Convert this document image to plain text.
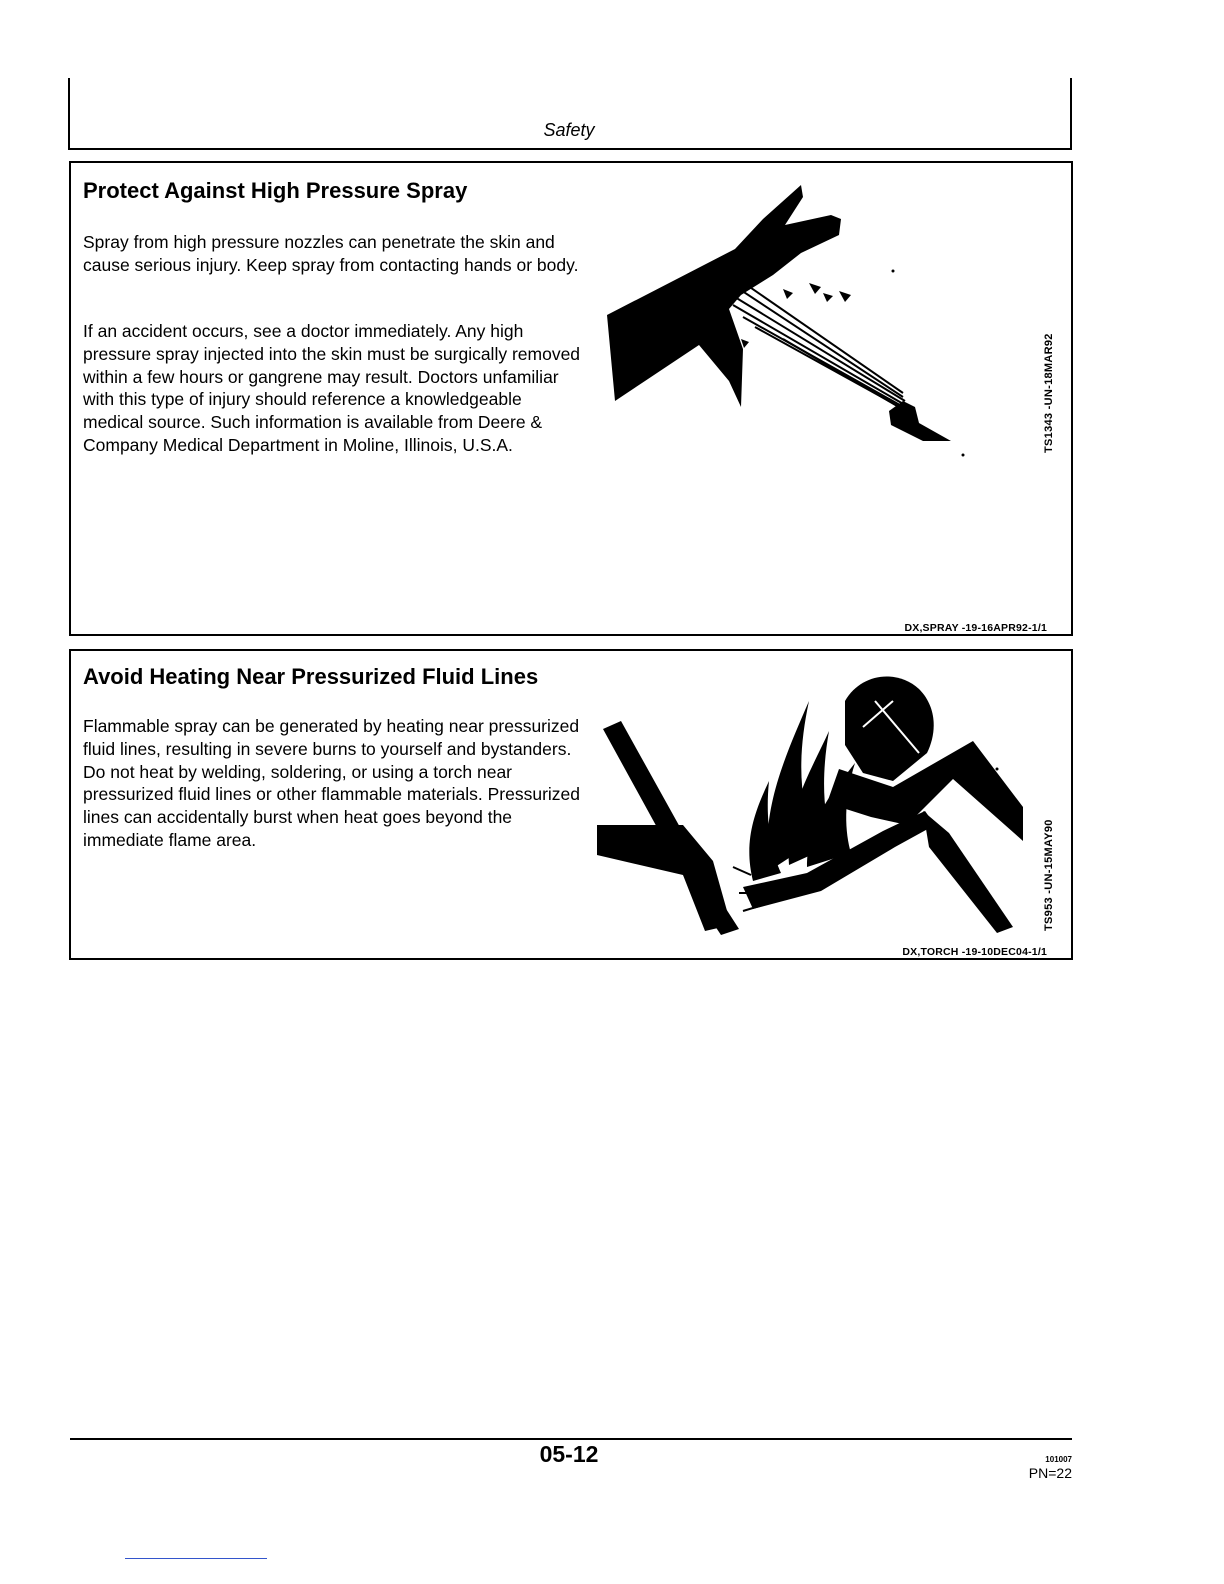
Safety
Protect Against High Pressure Spray

Spray from high pressure nozzles can penetrate the skin and cause serious injury. Keep spray from contacting hands or body.

If an accident occurs, see a doctor immediately. Any high pressure spray injected into the skin must be surgically removed within a few hours or gangrene may result. Doctors unfamiliar with this type of injury should reference a knowledgeable medical source. Such information is available from Deere & Company Medical Department in Moline, Illinois, U.S.A.	TS1343 -UN-18MAR92
DX,SPRAY -19-16APR92-1/1
Avoid Heating Near Pressurized Fluid Lines

Flammable spray can be generated by heating near pressurized fluid lines, resulting in severe burns to yourself and bystanders. Do not heat by welding, soldering, or using a torch near pressurized fluid lines or other flammable materials. Pressurized lines can accidentally burst when heat goes beyond the immediate flame area.	TS953 -UN-15MAY90
DX,TORCH -19-10DEC04-1/1
05-12	101007
PN=22
